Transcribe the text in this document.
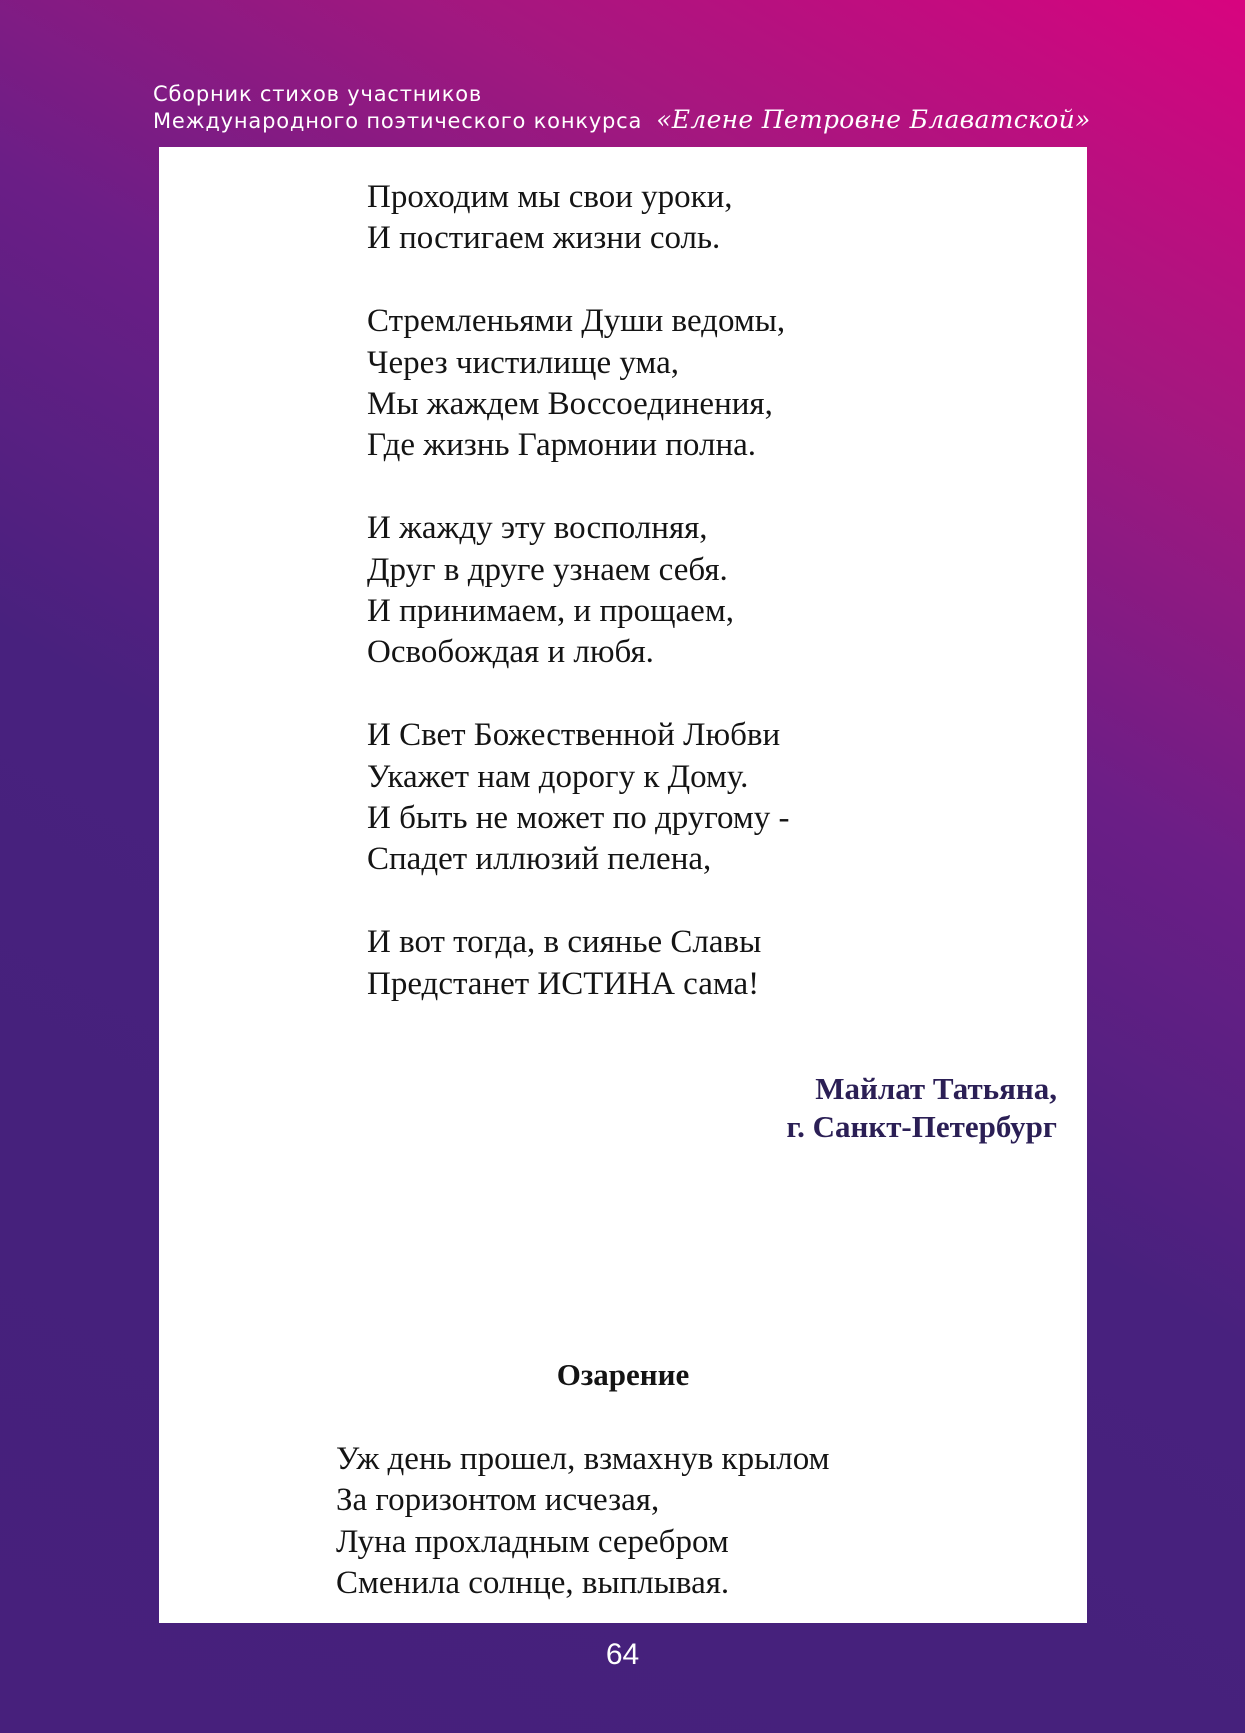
Сборник стихов участников
Международного поэтического конкурса «Елене Петровне Блаватской»
Проходим мы свои уроки,
И постигаем жизни соль.
Стремленьями Души ведомы,
Через чистилище ума,
Мы жаждем Воссоединения,
Где жизнь Гармонии полна.
И жажду эту восполняя,
Друг в друге узнаем себя.
И принимаем, и прощаем,
Освобождая и любя.
И Свет Божественной Любви
Укажет нам дорогу к Дому.
И быть не может по другому -
Спадет иллюзий пелена,
И вот тогда, в сиянье Славы
Предстанет ИСТИНА сама!
Майлат Татьяна,
г. Санкт-Петербург
Озарение
Уж день прошел, взмахнув крылом
За горизонтом исчезая,
Луна прохладным серебром
Сменила солнце, выплывая.
64
